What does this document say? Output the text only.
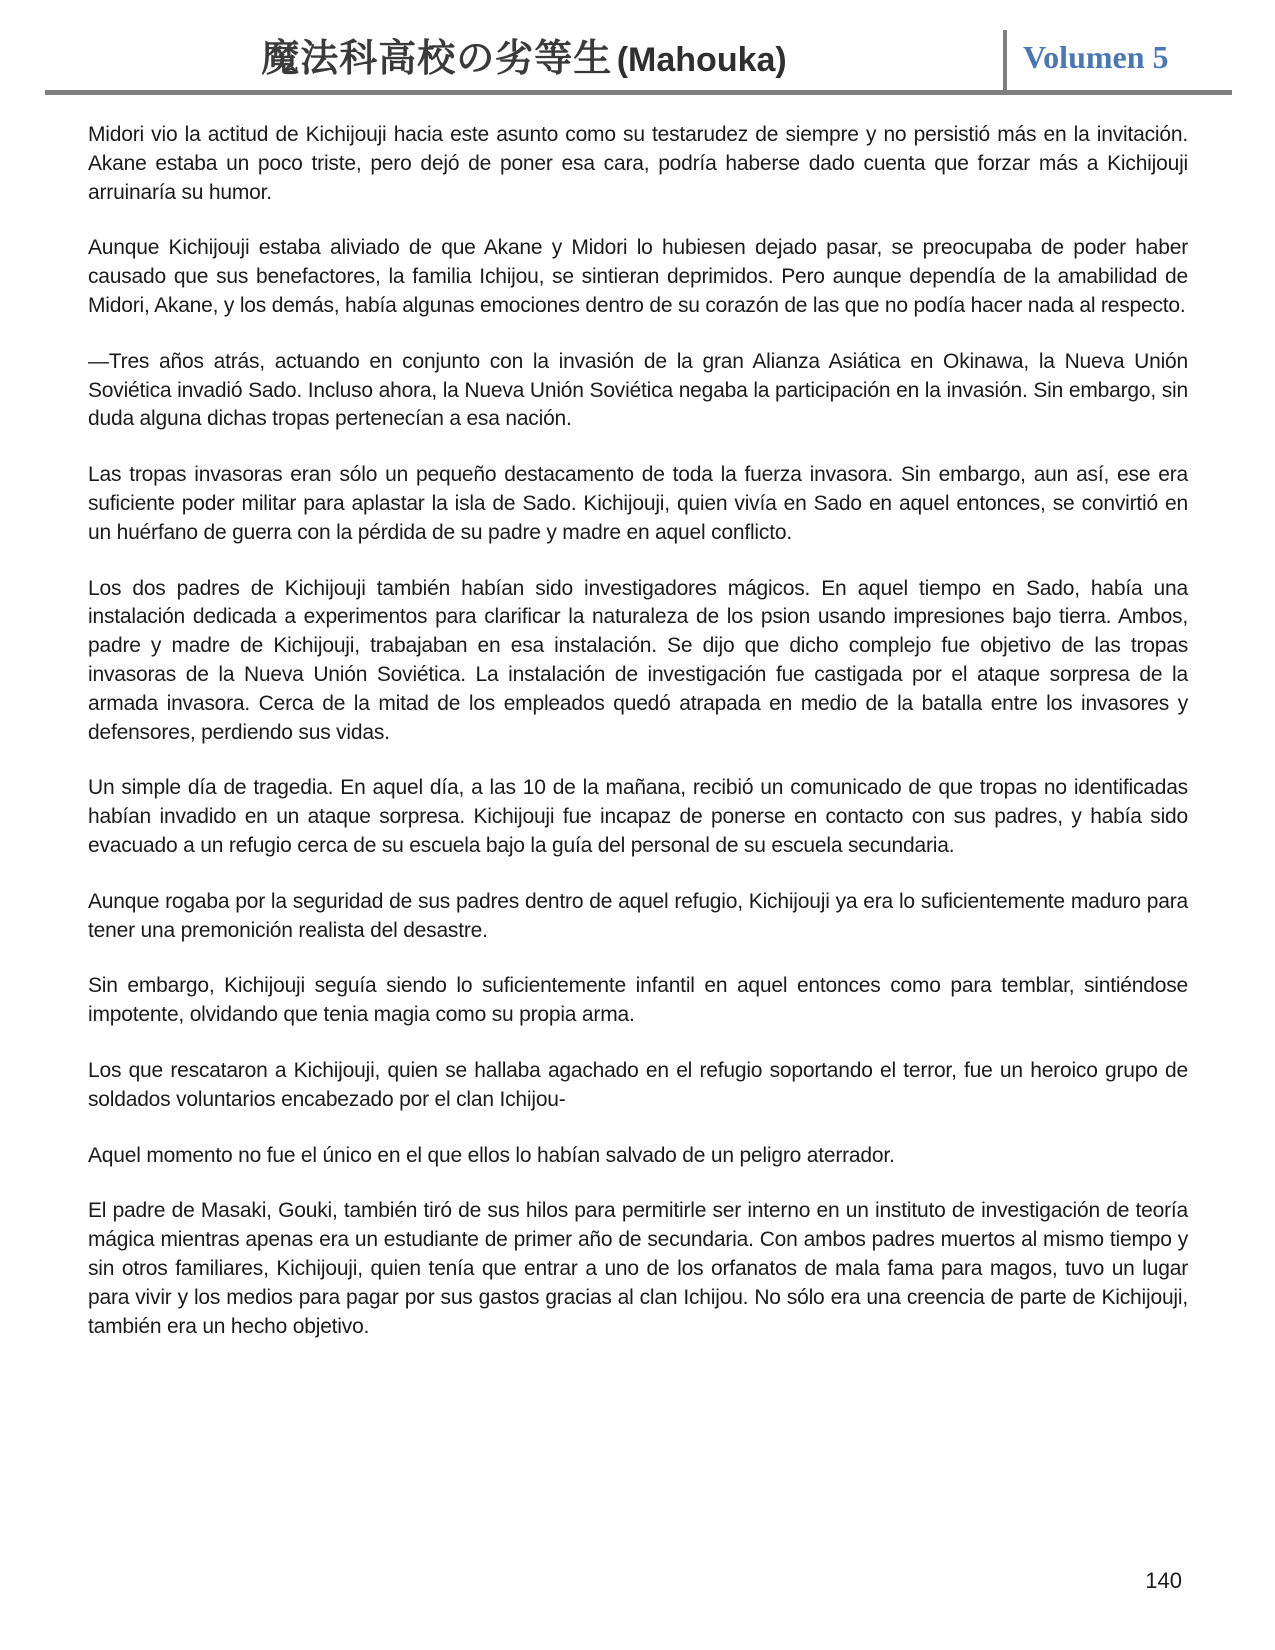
魔法科高校の劣等生 (Mahouka)	Volumen 5

Midori vio la actitud de Kichijouji hacia este asunto como su testarudez de siempre y no persistió más en la invitación. Akane estaba un poco triste, pero dejó de poner esa cara, podría haberse dado cuenta que forzar más a Kichijouji arruinaría su humor.

Aunque Kichijouji estaba aliviado de que Akane y Midori lo hubiesen dejado pasar, se preocupaba de poder haber causado que sus benefactores, la familia Ichijou, se sintieran deprimidos. Pero aunque dependía de la amabilidad de Midori, Akane, y los demás, había algunas emociones dentro de su corazón de las que no podía hacer nada al respecto.

—Tres años atrás, actuando en conjunto con la invasión de la gran Alianza Asiática en Okinawa, la Nueva Unión Soviética invadió Sado. Incluso ahora, la Nueva Unión Soviética negaba la participación en la invasión. Sin embargo, sin duda alguna dichas tropas pertenecían a esa nación.

Las tropas invasoras eran sólo un pequeño destacamento de toda la fuerza invasora. Sin embargo, aun así, ese era suficiente poder militar para aplastar la isla de Sado. Kichijouji, quien vivía en Sado en aquel entonces, se convirtió en un huérfano de guerra con la pérdida de su padre y madre en aquel conflicto.

Los dos padres de Kichijouji también habían sido investigadores mágicos. En aquel tiempo en Sado, había una instalación dedicada a experimentos para clarificar la naturaleza de los psion usando impresiones bajo tierra. Ambos, padre y madre de Kichijouji, trabajaban en esa instalación. Se dijo que dicho complejo fue objetivo de las tropas invasoras de la Nueva Unión Soviética. La instalación de investigación fue castigada por el ataque sorpresa de la armada invasora. Cerca de la mitad de los empleados quedó atrapada en medio de la batalla entre los invasores y defensores, perdiendo sus vidas.

Un simple día de tragedia. En aquel día, a las 10 de la mañana, recibió un comunicado de que tropas no identificadas habían invadido en un ataque sorpresa. Kichijouji fue incapaz de ponerse en contacto con sus padres, y había sido evacuado a un refugio cerca de su escuela bajo la guía del personal de su escuela secundaria.

Aunque rogaba por la seguridad de sus padres dentro de aquel refugio, Kichijouji ya era lo suficientemente maduro para tener una premonición realista del desastre.

Sin embargo, Kichijouji seguía siendo lo suficientemente infantil en aquel entonces como para temblar, sintiéndose impotente, olvidando que tenia magia como su propia arma.

Los que rescataron a Kichijouji, quien se hallaba agachado en el refugio soportando el terror, fue un heroico grupo de soldados voluntarios encabezado por el clan Ichijou-

Aquel momento no fue el único en el que ellos lo habían salvado de un peligro aterrador.

El padre de Masaki, Gouki, también tiró de sus hilos para permitirle ser interno en un instituto de investigación de teoría mágica mientras apenas era un estudiante de primer año de secundaria. Con ambos padres muertos al mismo tiempo y sin otros familiares, Kichijouji, quien tenía que entrar a uno de los orfanatos de mala fama para magos, tuvo un lugar para vivir y los medios para pagar por sus gastos gracias al clan Ichijou. No sólo era una creencia de parte de Kichijouji, también era un hecho objetivo.

140
